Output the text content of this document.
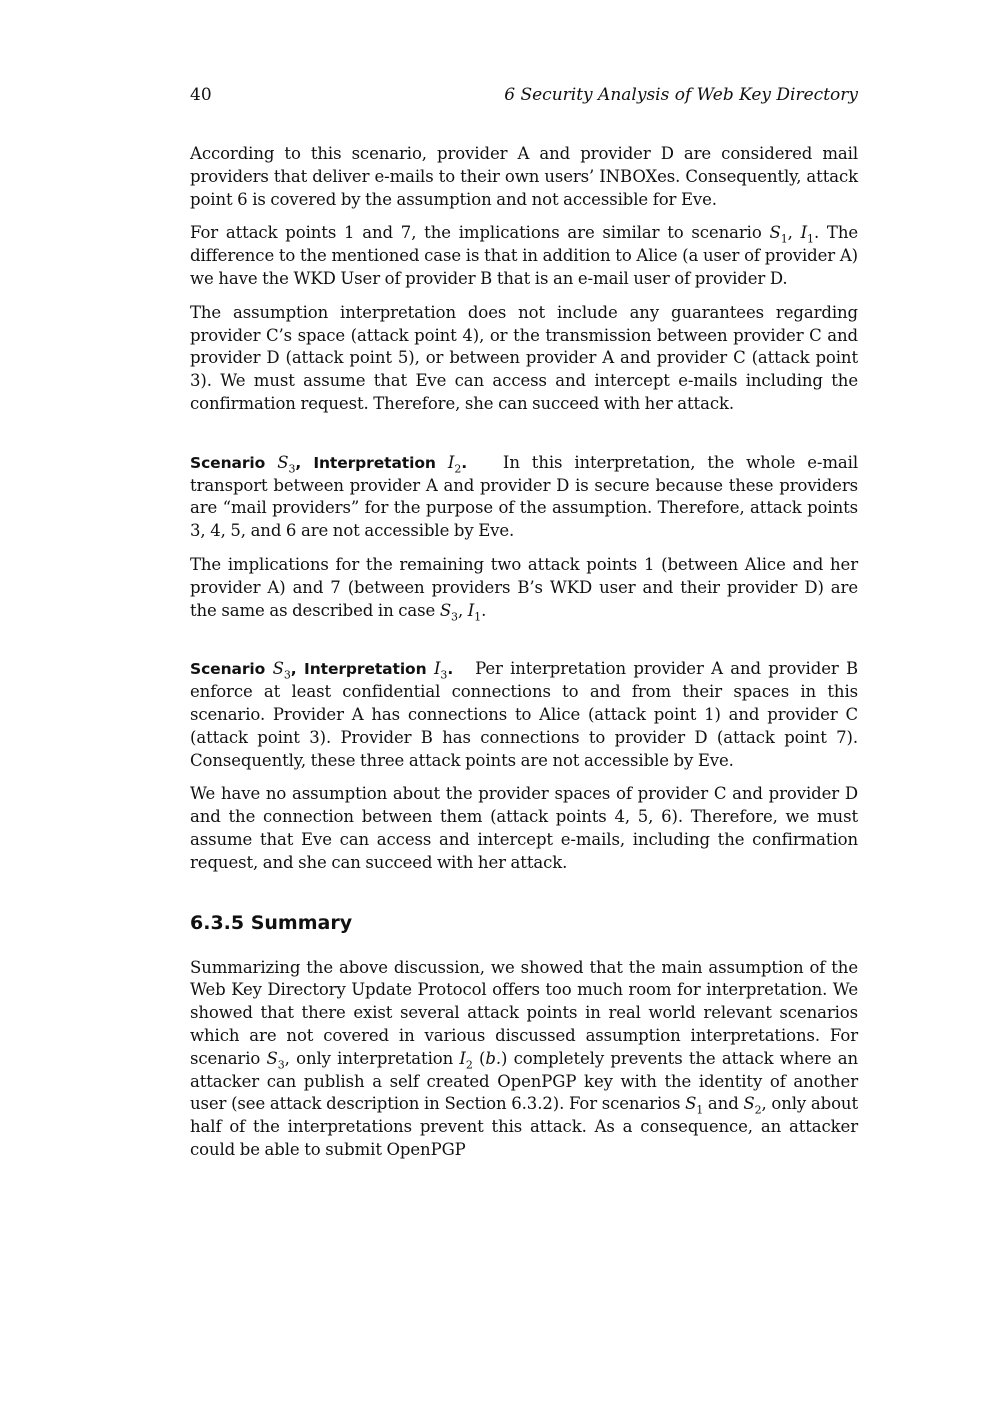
40	6 Security Analysis of Web Key Directory

According to this scenario, provider A and provider D are considered mail providers that deliver e-mails to their own users’ INBOXes. Consequently, attack point 6 is covered by the assumption and not accessible for Eve.

For attack points 1 and 7, the implications are similar to scenario $S_1$, $I_1$. The difference to the mentioned case is that in addition to Alice (a user of provider A) we have the WKD User of provider B that is an e-mail user of provider D.

The assumption interpretation does not include any guarantees regarding provider C’s space (attack point 4), or the transmission between provider C and provider D (attack point 5), or between provider A and provider C (attack point 3). We must assume that Eve can access and intercept e-mails including the confirmation request. Therefore, she can succeed with her attack.

Scenario $S_3$, Interpretation $I_2$. In this interpretation, the whole e-mail transport between provider A and provider D is secure because these providers are “mail providers” for the purpose of the assumption. Therefore, attack points 3, 4, 5, and 6 are not accessible by Eve.

The implications for the remaining two attack points 1 (between Alice and her provider A) and 7 (between providers B’s WKD user and their provider D) are the same as described in case $S_3$, $I_1$.

Scenario $S_3$, Interpretation $I_3$. Per interpretation provider A and provider B enforce at least confidential connections to and from their spaces in this scenario. Provider A has connections to Alice (attack point 1) and provider C (attack point 3). Provider B has connections to provider D (attack point 7). Consequently, these three attack points are not accessible by Eve.

We have no assumption about the provider spaces of provider C and provider D and the connection between them (attack points 4, 5, 6). Therefore, we must assume that Eve can access and intercept e-mails, including the confirmation request, and she can succeed with her attack.

6.3.5 Summary

Summarizing the above discussion, we showed that the main assumption of the Web Key Directory Update Protocol offers too much room for interpretation. We showed that there exist several attack points in real world relevant scenarios which are not covered in various discussed assumption interpretations. For scenario $S_3$, only interpretation $I_2$ (b.) completely prevents the attack where an attacker can publish a self created OpenPGP key with the identity of another user (see attack description in Section 6.3.2). For scenarios $S_1$ and $S_2$, only about half of the interpretations prevent this attack. As a consequence, an attacker could be able to submit OpenPGP
